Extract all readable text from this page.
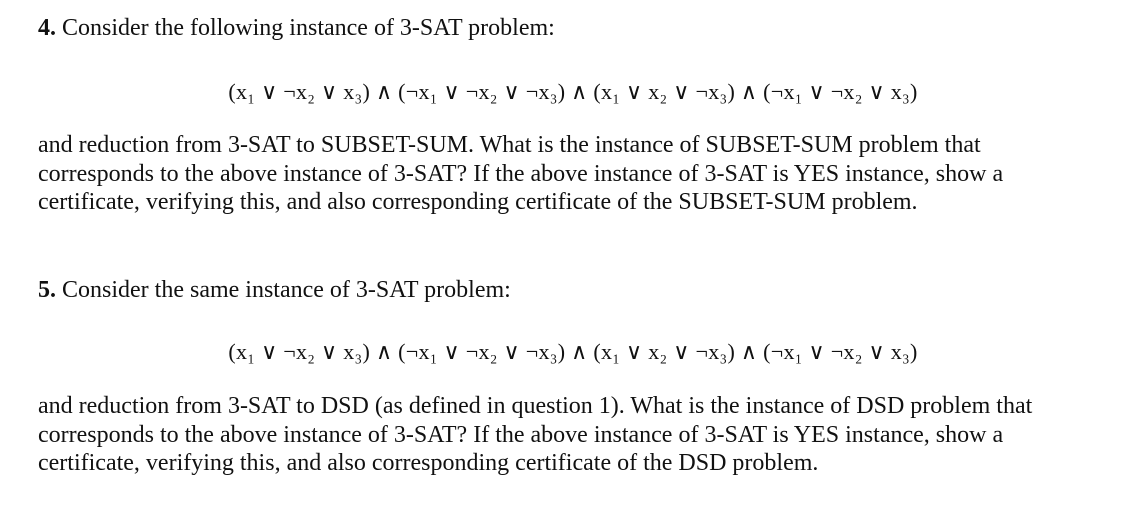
4. Consider the following instance of 3-SAT problem:
(x₁ ∨ ¬x₂ ∨ x₃) ∧ (¬x₁ ∨ ¬x₂ ∨ ¬x₃) ∧ (x₁ ∨ x₂ ∨ ¬x₃) ∧ (¬x₁ ∨ ¬x₂ ∨ x₃)
and reduction from 3-SAT to SUBSET-SUM. What is the instance of SUBSET-SUM problem that
corresponds to the above instance of 3-SAT? If the above instance of 3-SAT is YES instance, show a
certificate, verifying this, and also corresponding certificate of the SUBSET-SUM problem.
5. Consider the same instance of 3-SAT problem:
(x₁ ∨ ¬x₂ ∨ x₃) ∧ (¬x₁ ∨ ¬x₂ ∨ ¬x₃) ∧ (x₁ ∨ x₂ ∨ ¬x₃) ∧ (¬x₁ ∨ ¬x₂ ∨ x₃)
and reduction from 3-SAT to DSD (as defined in question 1). What is the instance of DSD problem that
corresponds to the above instance of 3-SAT? If the above instance of 3-SAT is YES instance, show a
certificate, verifying this, and also corresponding certificate of the DSD problem.
